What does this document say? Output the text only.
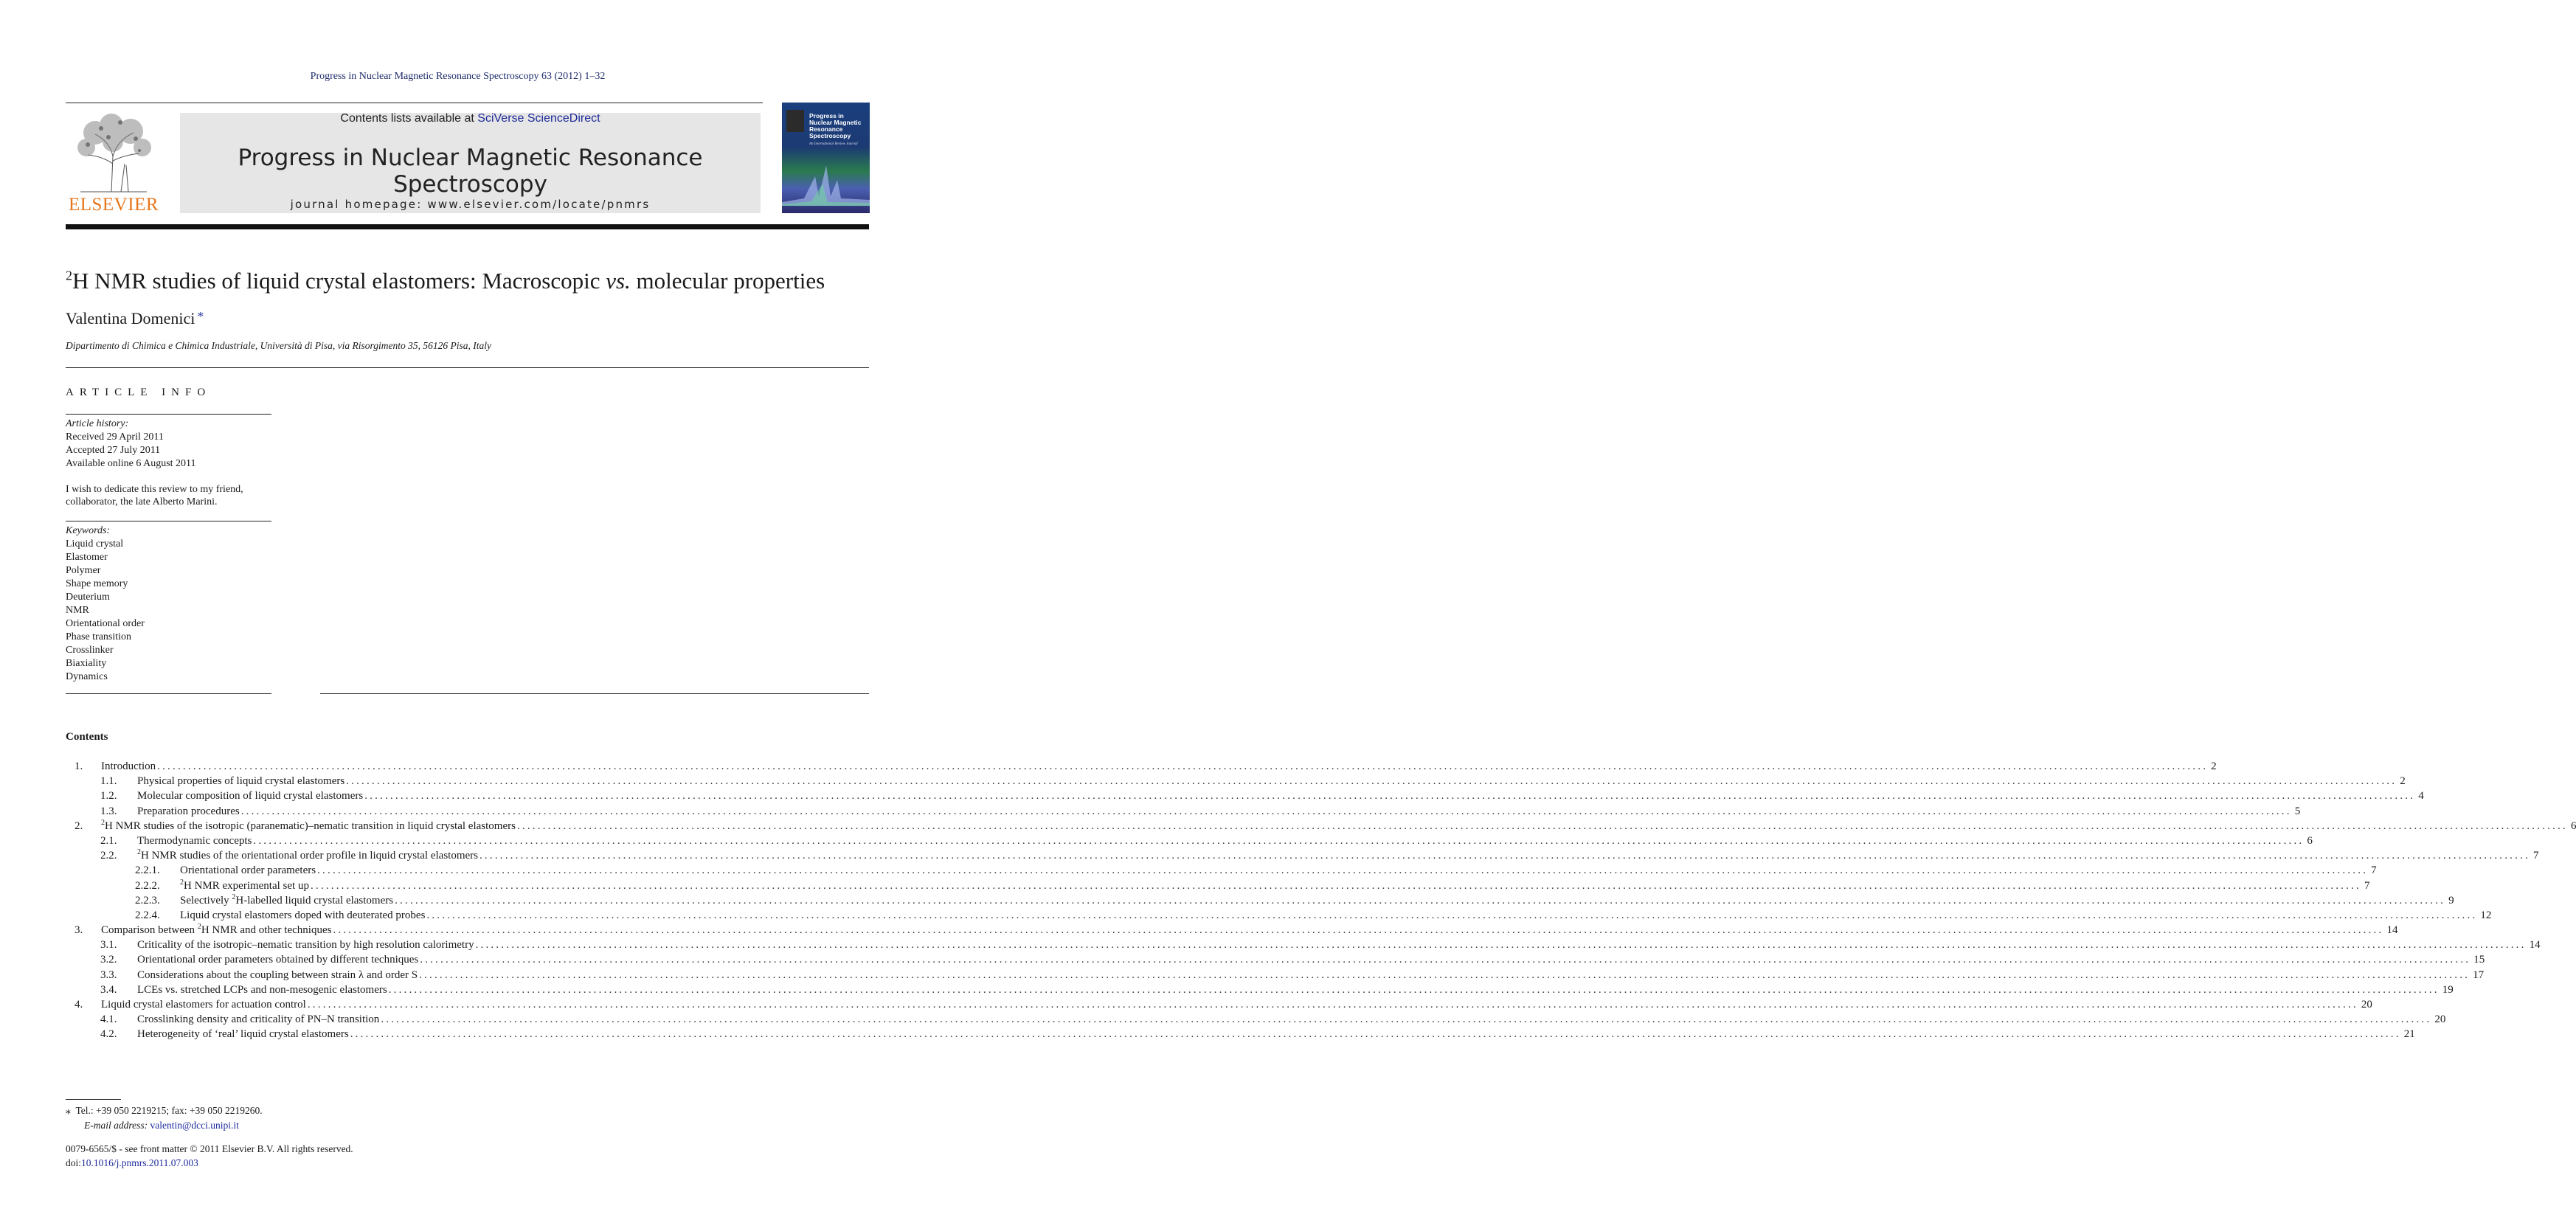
Progress in Nuclear Magnetic Resonance Spectroscopy 63 (2012) 1–32
ELSEVIER
Contents lists available at SciVerse ScienceDirect
Progress in Nuclear Magnetic Resonance Spectroscopy
journal homepage: www.elsevier.com/locate/pnmrs
Progress in Nuclear Magnetic Resonance Spectroscopy
An International Review Journal
$^2$H NMR studies of liquid crystal elastomers: Macroscopic vs. molecular properties
Valentina Domenici *
Dipartimento di Chimica e Chimica Industriale, Università di Pisa, via Risorgimento 35, 56126 Pisa, Italy
ARTICLE INFO
Article history:
Received 29 April 2011
Accepted 27 July 2011
Available online 6 August 2011
I wish to dedicate this review to my friend, collaborator, the late Alberto Marini.
Keywords:
Liquid crystal
Elastomer
Polymer
Shape memory
Deuterium
NMR
Orientational order
Phase transition
Crosslinker
Biaxiality
Dynamics
Contents
1. Introduction ................................................................................................................................................................................................................................................................................................................................................................................................................ 2
1.1. Physical properties of liquid crystal elastomers ................................................................................................................................................................................................................................................................................................................................................................................................................ 2
1.2. Molecular composition of liquid crystal elastomers ................................................................................................................................................................................................................................................................................................................................................................................................................ 4
1.3. Preparation procedures ................................................................................................................................................................................................................................................................................................................................................................................................................ 5
2. $^2$H NMR studies of the isotropic (paranematic)–nematic transition in liquid crystal elastomers ................................................................................................................................................................................................................................................................................................................................................................................................................ 6
2.1. Thermodynamic concepts ................................................................................................................................................................................................................................................................................................................................................................................................................ 6
2.2.	$^2$H NMR studies of the orientational order profile in liquid crystal elastomers ................................................................................................................................................................................................................................................................................................................................................................................................................ 7
2.2.1. Orientational order parameters ................................................................................................................................................................................................................................................................................................................................................................................................................ 7
2.2.2.	$^2$H NMR experimental set up ................................................................................................................................................................................................................................................................................................................................................................................................................ 7
2.2.3. Selectively $^2$H-labelled liquid crystal elastomers ................................................................................................................................................................................................................................................................................................................................................................................................................ 9
2.2.4. Liquid crystal elastomers doped with deuterated probes ................................................................................................................................................................................................................................................................................................................................................................................................................ 12
3. Comparison between $^2$H NMR and other techniques ................................................................................................................................................................................................................................................................................................................................................................................................................ 14
3.1. Criticality of the isotropic–nematic transition by high resolution calorimetry ................................................................................................................................................................................................................................................................................................................................................................................................................ 14
3.2. Orientational order parameters obtained by different techniques ................................................................................................................................................................................................................................................................................................................................................................................................................ 15
3.3. Considerations about the coupling between strain λ and order S ................................................................................................................................................................................................................................................................................................................................................................................................................ 17
3.4. LCEs vs. stretched LCPs and non-mesogenic elastomers ................................................................................................................................................................................................................................................................................................................................................................................................................ 19
4. Liquid crystal elastomers for actuation control ................................................................................................................................................................................................................................................................................................................................................................................................................ 20
4.1. Crosslinking density and criticality of PN–N transition ................................................................................................................................................................................................................................................................................................................................................................................................................ 20
4.2. Heterogeneity of ‘real’ liquid crystal elastomers ................................................................................................................................................................................................................................................................................................................................................................................................................ 21
⁎ Tel.: +39 050 2219215; fax: +39 050 2219260.
E-mail address: valentin@dcci.unipi.it
0079-6565/$ - see front matter © 2011 Elsevier B.V. All rights reserved.
doi:10.1016/j.pnmrs.2011.07.003
